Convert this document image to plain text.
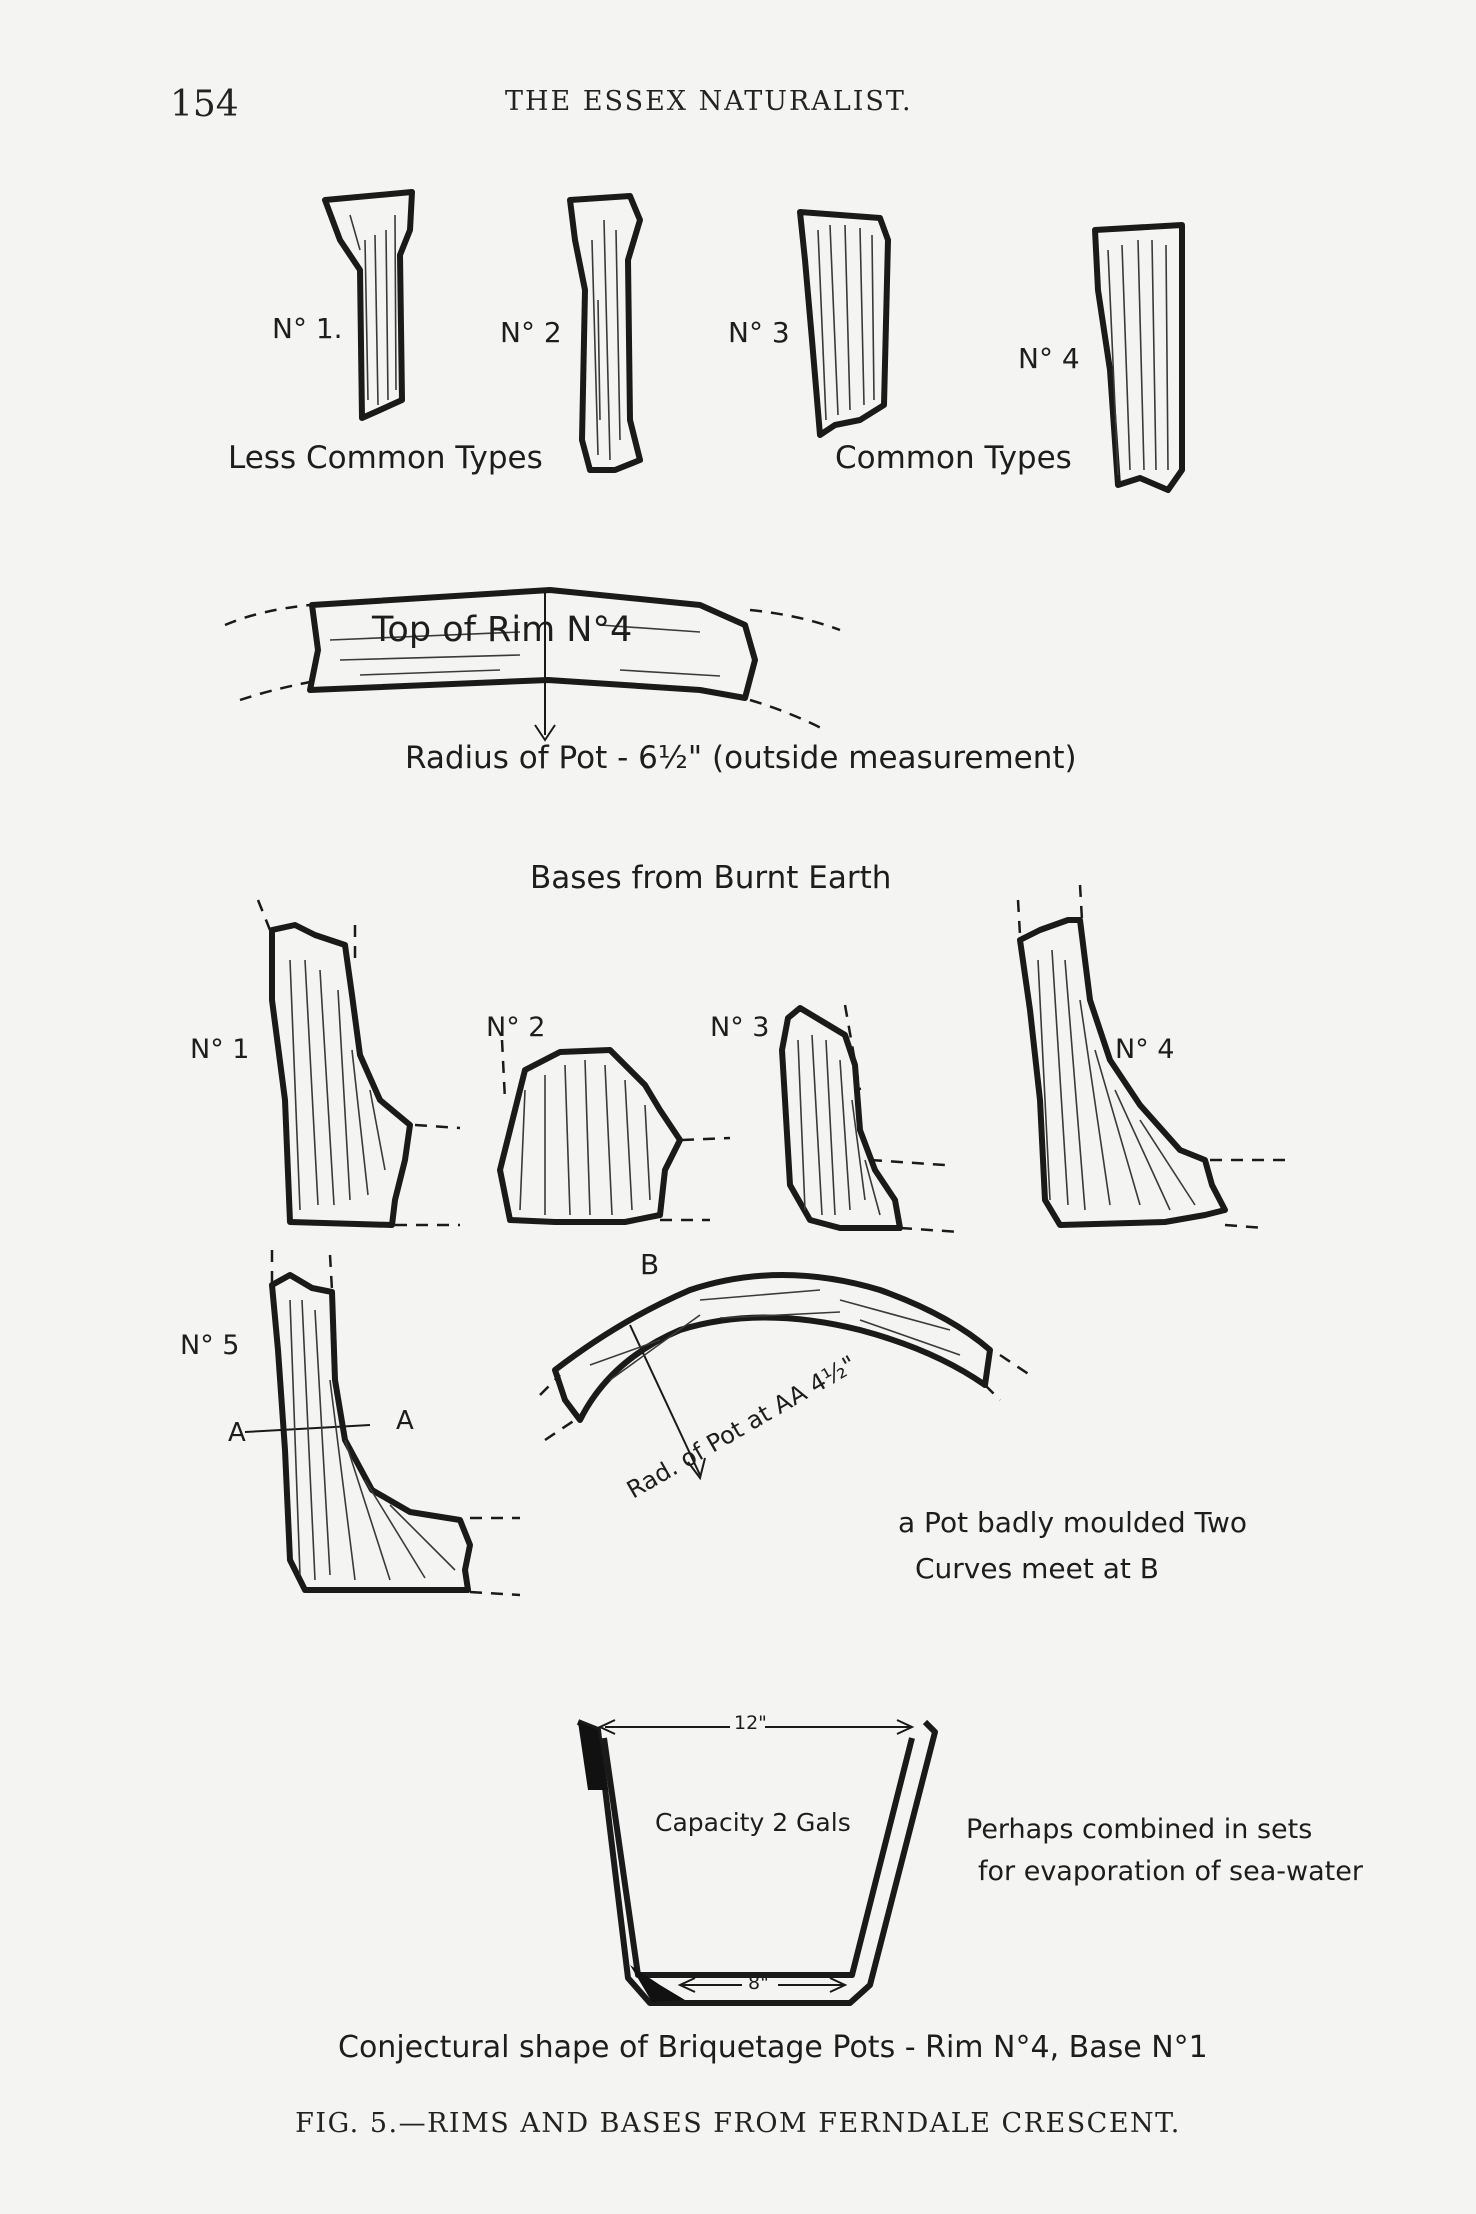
154	THE ESSEX NATURALIST.
N° 1.	N° 2	N° 3
N° 4
Less Common Types	Common Types
Top of Rim N°4
Radius of Pot - 6½" (outside measurement)
Bases from Burnt Earth
N° 1
N° 2	N° 3
N° 4
N° 5
A	A
B
Rad. of Pot at AA 4½"
a Pot badly moulded Two
Curves meet at B
12"
8"
Capacity 2 Gals	Perhaps combined in sets
for evaporation of sea-water
Conjectural shape of Briquetage Pots - Rim N°4, Base N°1
FIG. 5.—RIMS AND BASES FROM FERNDALE CRESCENT.
